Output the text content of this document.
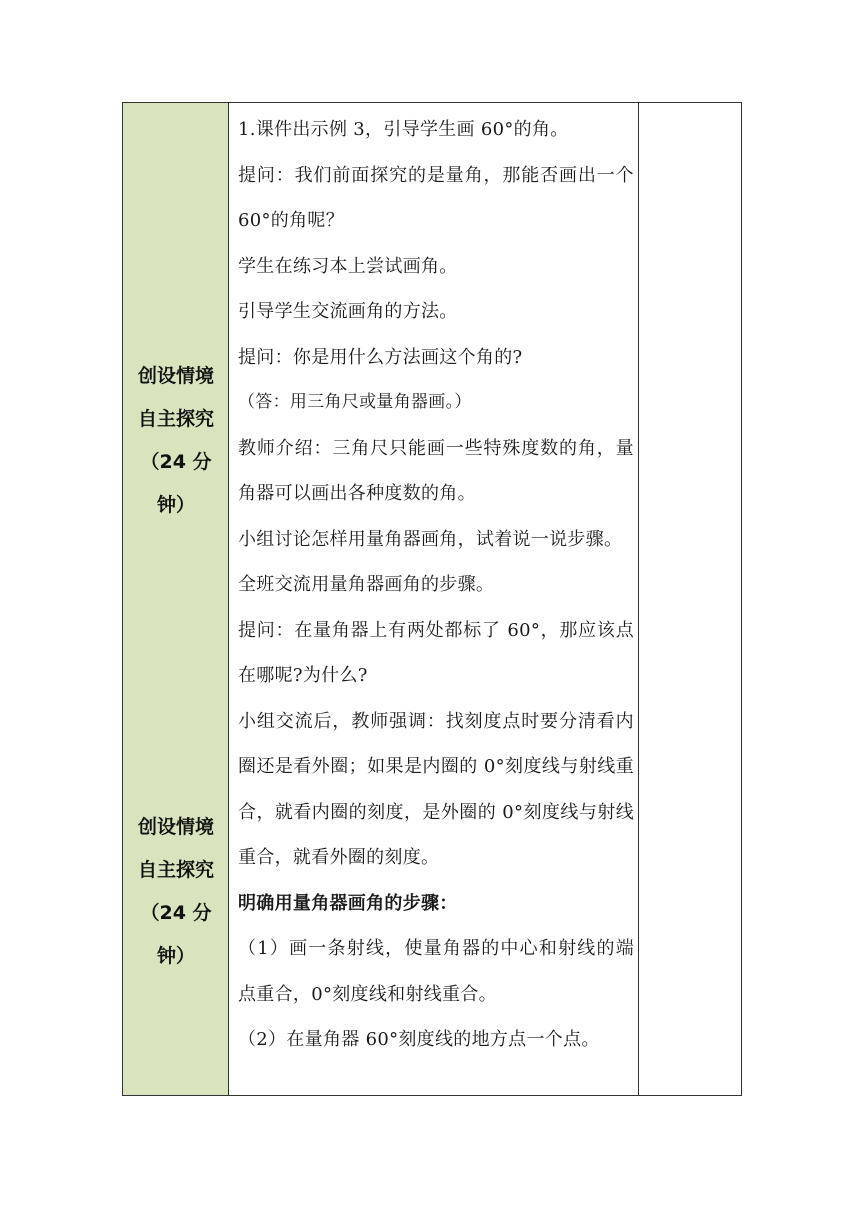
创设情境
自主探究
（24 分
钟）
创设情境
自主探究
（24 分
钟）

1.课件出示例 3，引导学生画 60°的角。

提问：我们前面探究的是量角，那能否画出一个 60°的角呢？

学生在练习本上尝试画角。

引导学生交流画角的方法。

提问：你是用什么方法画这个角的?

（答：用三角尺或量角器画。）

教师介绍：三角尺只能画一些特殊度数的角，量角器可以画出各种度数的角。

小组讨论怎样用量角器画角，试着说一说步骤。

全班交流用量角器画角的步骤。

提问：在量角器上有两处都标了 60°，那应该点在哪呢?为什么?

小组交流后，教师强调：找刻度点时要分清看内圈还是看外圈；如果是内圈的 0°刻度线与射线重合，就看内圈的刻度，是外圈的 0°刻度线与射线重合，就看外圈的刻度。

明确用量角器画角的步骤：

（1）画一条射线，使量角器的中心和射线的端点重合，0°刻度线和射线重合。

（2）在量角器 60°刻度线的地方点一个点。
